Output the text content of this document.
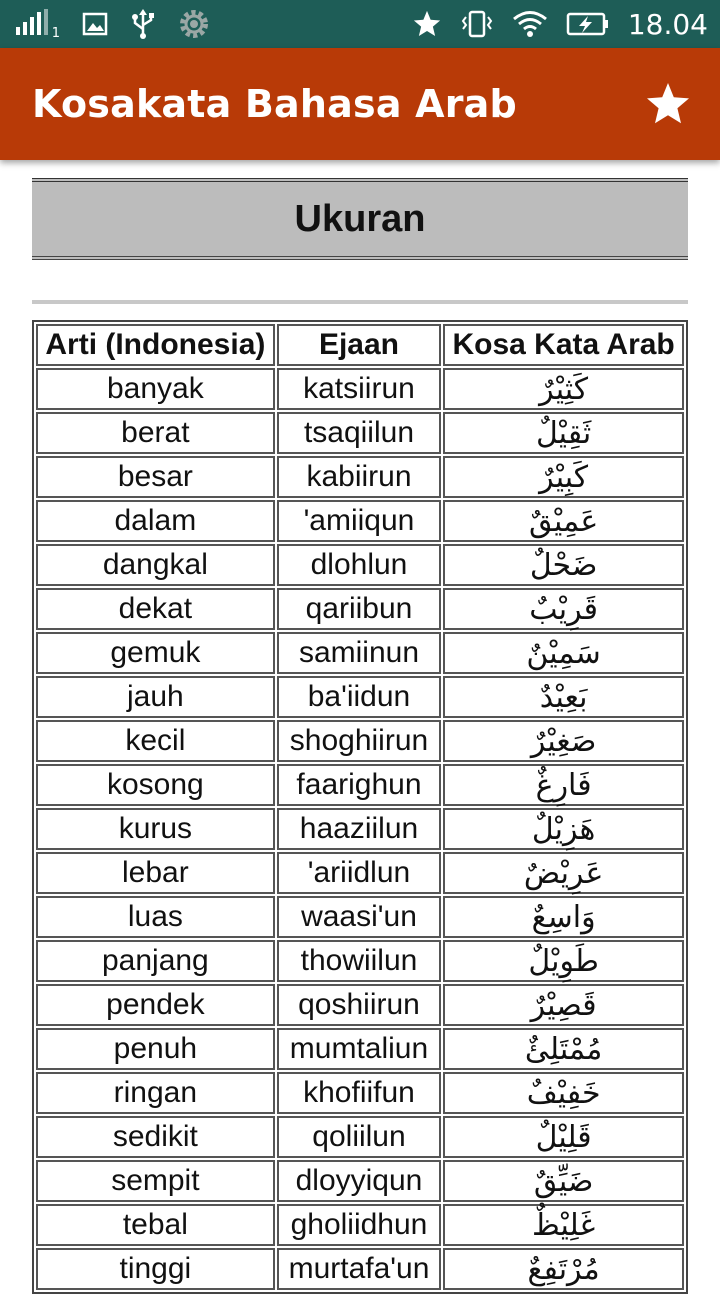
1	18.04
Kosakata Bahasa Arab
Ukuran
Arti (Indonesia)	Ejaan	Kosa Kata Arab
banyak	katsiirun	كَثِيْرٌ
berat	tsaqiilun	ثَقِيْلٌ
besar	kabiirun	كَبِيْرٌ
dalam	'amiiqun	عَمِيْقٌ
dangkal	dlohlun	ضَحْلٌ
dekat	qariibun	قَرِيْبٌ
gemuk	samiinun	سَمِيْنٌ
jauh	ba'iidun	بَعِيْدٌ
kecil	shoghiirun	صَغِيْرٌ
kosong	faarighun	فَارِغٌ
kurus	haaziilun	هَزِيْلٌ
lebar	'ariidlun	عَرِيْضٌ
luas	waasi'un	وَاسِعٌ
panjang	thowiilun	طَوِيْلٌ
pendek	qoshiirun	قَصِيْرٌ
penuh	mumtaliun	مُمْتَلِئٌ
ringan	khofiifun	خَفِيْفٌ
sedikit	qoliilun	قَلِيْلٌ
sempit	dloyyiqun	ضَيِّقٌ
tebal	gholiidhun	غَلِيْظٌ
tinggi	murtafa'un	مُرْتَفِعٌ
